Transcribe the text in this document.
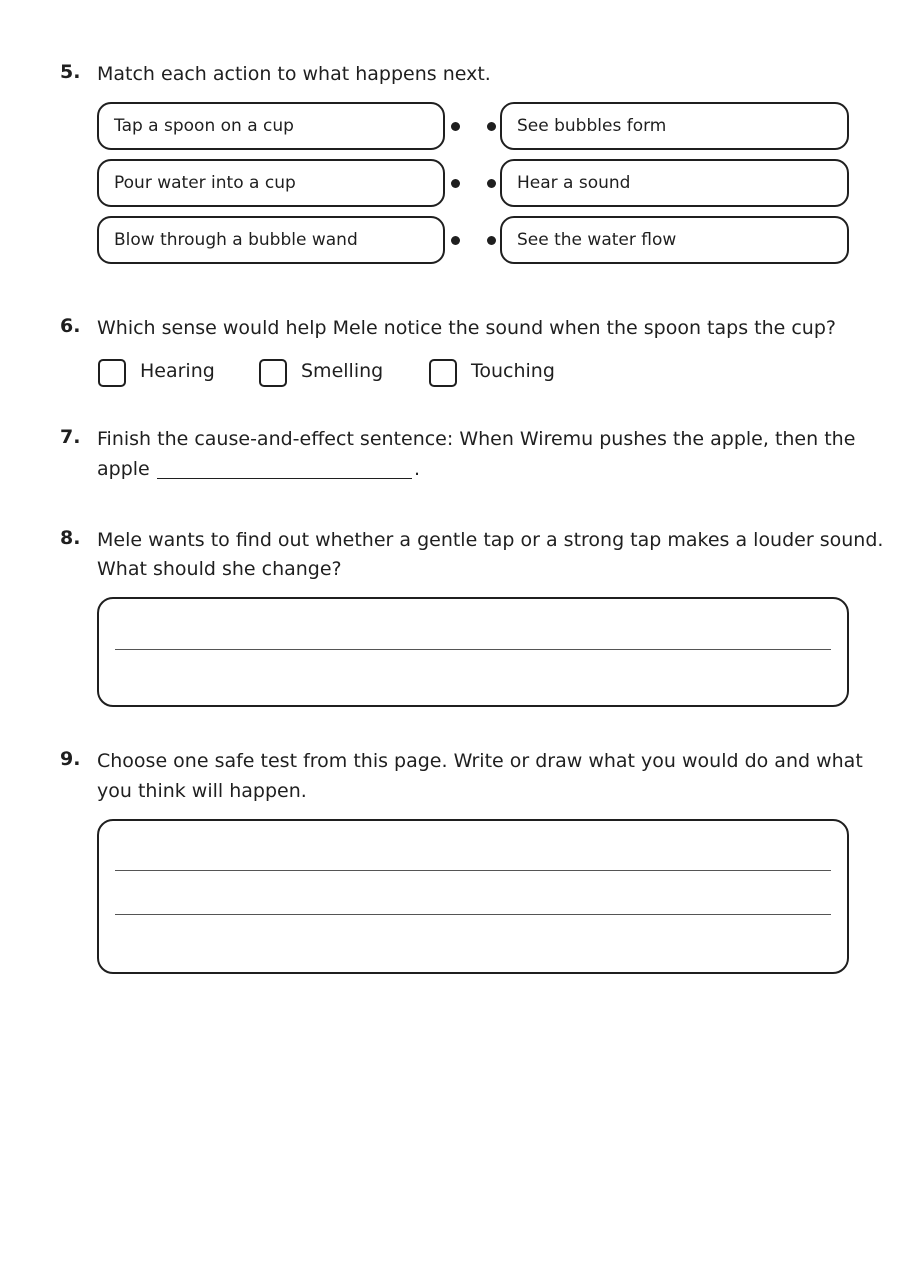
5. Match each action to what happens next.
Tap a spoon on a cup
Pour water into a cup
Blow through a bubble wand
See bubbles form
Hear a sound
See the water flow
6. Which sense would help Mele notice the sound when the spoon taps the cup?
Hearing	Smelling	Touching
7. Finish the cause-and-effect sentence: When Wiremu pushes the apple, then the
apple	.
8. Mele wants to find out whether a gentle tap or a strong tap makes a louder sound.
What should she change?
9. Choose one safe test from this page. Write or draw what you would do and what
you think will happen.
